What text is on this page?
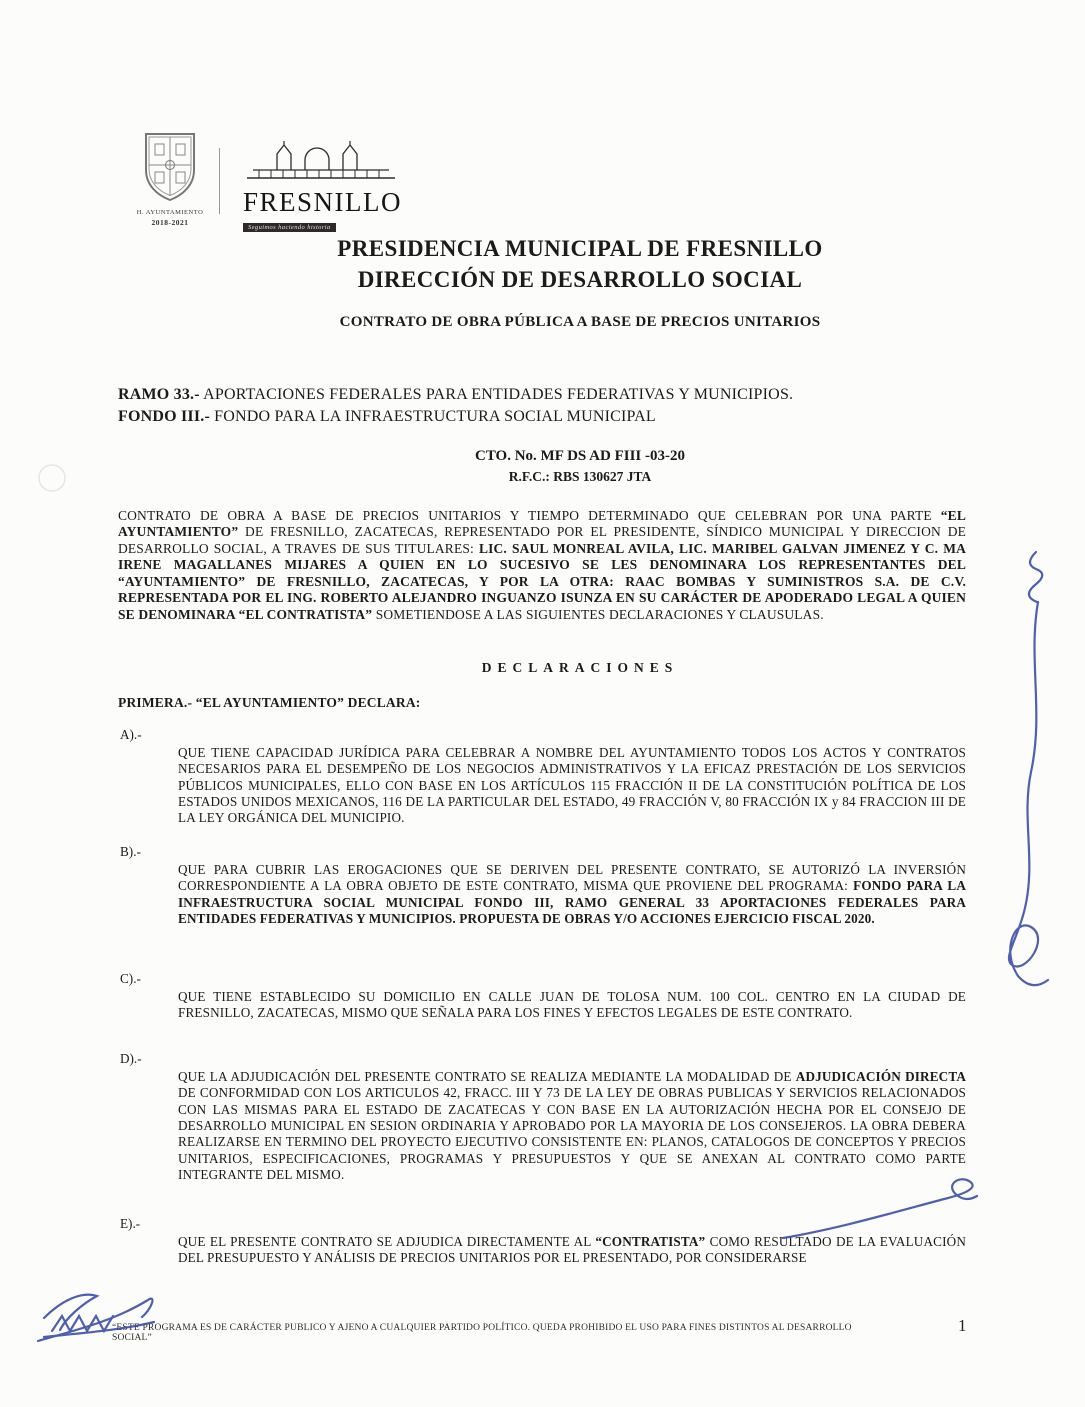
H. AYUNTAMIENTO
2018-2021
FRESNILLO
Seguimos haciendo historia
PRESIDENCIA MUNICIPAL DE FRESNILLO
DIRECCIÓN DE DESARROLLO SOCIAL
CONTRATO DE OBRA PÚBLICA A BASE DE PRECIOS UNITARIOS
RAMO 33.- APORTACIONES FEDERALES PARA ENTIDADES FEDERATIVAS Y MUNICIPIOS.
FONDO III.- FONDO PARA LA INFRAESTRUCTURA SOCIAL MUNICIPAL
CTO. No. MF DS AD FIII -03-20
R.F.C.: RBS 130627 JTA
CONTRATO DE OBRA A BASE DE PRECIOS UNITARIOS Y TIEMPO DETERMINADO QUE CELEBRAN POR UNA PARTE “EL AYUNTAMIENTO” DE FRESNILLO, ZACATECAS, REPRESENTADO POR EL PRESIDENTE, SÍNDICO MUNICIPAL Y DIRECCION DE DESARROLLO SOCIAL, A TRAVES DE SUS TITULARES: LIC. SAUL MONREAL AVILA, LIC. MARIBEL GALVAN JIMENEZ Y C. MA IRENE MAGALLANES MIJARES A QUIEN EN LO SUCESIVO SE LES DENOMINARA LOS REPRESENTANTES DEL “AYUNTAMIENTO” DE FRESNILLO, ZACATECAS, Y POR LA OTRA: RAAC BOMBAS Y SUMINISTROS S.A. DE C.V. REPRESENTADA POR EL ING. ROBERTO ALEJANDRO INGUANZO ISUNZA EN SU CARÁCTER DE APODERADO LEGAL A QUIEN SE DENOMINARA “EL CONTRATISTA” SOMETIENDOSE A LAS SIGUIENTES DECLARACIONES Y CLAUSULAS.
DECLARACIONES
PRIMERA.- “EL AYUNTAMIENTO” DECLARA:
A).-
QUE TIENE CAPACIDAD JURÍDICA PARA CELEBRAR A NOMBRE DEL AYUNTAMIENTO TODOS LOS ACTOS Y CONTRATOS NECESARIOS PARA EL DESEMPEÑO DE LOS NEGOCIOS ADMINISTRATIVOS Y LA EFICAZ PRESTACIÓN DE LOS SERVICIOS PÚBLICOS MUNICIPALES, ELLO CON BASE EN LOS ARTÍCULOS 115 FRACCIÓN II DE LA CONSTITUCIÓN POLÍTICA DE LOS ESTADOS UNIDOS MEXICANOS, 116 DE LA PARTICULAR DEL ESTADO, 49 FRACCIÓN V, 80 FRACCIÓN IX y 84 FRACCION III DE LA LEY ORGÁNICA DEL MUNICIPIO.
B).-
QUE PARA CUBRIR LAS EROGACIONES QUE SE DERIVEN DEL PRESENTE CONTRATO, SE AUTORIZÓ LA INVERSIÓN CORRESPONDIENTE A LA OBRA OBJETO DE ESTE CONTRATO, MISMA QUE PROVIENE DEL PROGRAMA: FONDO PARA LA INFRAESTRUCTURA SOCIAL MUNICIPAL FONDO III, RAMO GENERAL 33 APORTACIONES FEDERALES PARA ENTIDADES FEDERATIVAS Y MUNICIPIOS. PROPUESTA DE OBRAS Y/O ACCIONES EJERCICIO FISCAL 2020.
C).-
QUE TIENE ESTABLECIDO SU DOMICILIO EN CALLE JUAN DE TOLOSA NUM. 100 COL. CENTRO EN LA CIUDAD DE FRESNILLO, ZACATECAS, MISMO QUE SEÑALA PARA LOS FINES Y EFECTOS LEGALES DE ESTE CONTRATO.
D).-
QUE LA ADJUDICACIÓN DEL PRESENTE CONTRATO SE REALIZA MEDIANTE LA MODALIDAD DE ADJUDICACIÓN DIRECTA DE CONFORMIDAD CON LOS ARTICULOS 42, FRACC. III Y 73 DE LA LEY DE OBRAS PUBLICAS Y SERVICIOS RELACIONADOS CON LAS MISMAS PARA EL ESTADO DE ZACATECAS Y CON BASE EN LA AUTORIZACIÓN HECHA POR EL CONSEJO DE DESARROLLO MUNICIPAL EN SESION ORDINARIA Y APROBADO POR LA MAYORIA DE LOS CONSEJEROS. LA OBRA DEBERA REALIZARSE EN TERMINO DEL PROYECTO EJECUTIVO CONSISTENTE EN: PLANOS, CATALOGOS DE CONCEPTOS Y PRECIOS UNITARIOS, ESPECIFICACIONES, PROGRAMAS Y PRESUPUESTOS Y QUE SE ANEXAN AL CONTRATO COMO PARTE INTEGRANTE DEL MISMO.
E).-
QUE EL PRESENTE CONTRATO SE ADJUDICA DIRECTAMENTE AL “CONTRATISTA” COMO RESULTADO DE LA EVALUACIÓN DEL PRESUPUESTO Y ANÁLISIS DE PRECIOS UNITARIOS POR EL PRESENTADO, POR CONSIDERARSE
“ESTE PROGRAMA ES DE CARÁCTER PUBLICO Y AJENO A CUALQUIER PARTIDO POLÍTICO. QUEDA PROHIBIDO EL USO PARA FINES DISTINTOS AL DESARROLLO SOCIAL”
1
